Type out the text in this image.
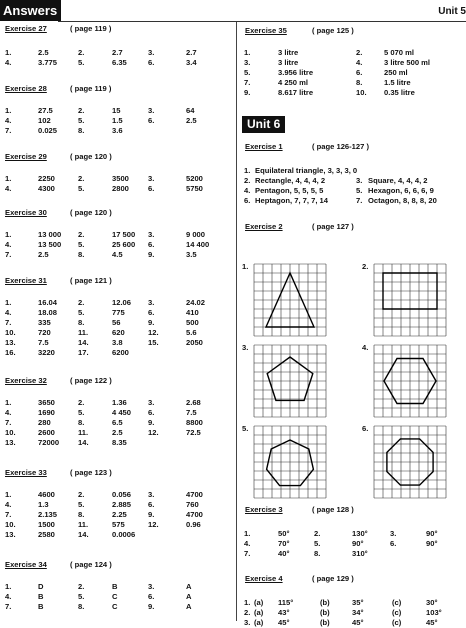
Answers	Unit 5
Exercise 27	( page 119 )
1.	2.5	2.	2.7	3.	2.7
4.	3.775	5.	6.35	6.	3.4
Exercise 28	( page 119 )
1.	27.5	2.	15	3.	64
4.	102	5.	1.5	6.	2.5
7.	0.025	8.	3.6
Exercise 29	( page 120 )
1.	2250	2.	3500	3.	5200
4.	4300	5.	2800	6.	5750
Exercise 30	( page 120 )
1.	13 000 2.	17 500 3.	9 000
4.	13 500 5.	25 600 6.	14 400
7.	2.5	8.	4.5	9.	3.5
Exercise 31	( page 121 )
1.	16.04	2.	12.06 3.	24.02
4.	18.08	5.	775	6.	410
7.	335	8.	56	9.	500
10.	720	11.	620	12.	5.6
13.	7.5	14.	3.8	15.	2050
16.	3220	17.	6200
Exercise 32	( page 122 )
1.	3650	2.	1.36	3.	2.68
4.	1690	5.	4 450 6.	7.5
7.	280	8.	6.5	9.	8800
10.	2600	11.	2.5	12.	72.5
13.	72000 14.	8.35
Exercise 33	( page 123 )
1.	4600	2.	0.056 3.	4700
4.	1.3	5.	2.885 6.	760
7.	2.135	8.	2.25	9.	4700
10.	1500	11.	575	12.	0.96
13.	2580	14.	0.0006
Exercise 34	( page 124 )
1.	D	2.	B	3.	A
4.	B	5.	C	6.	A
7.	B	8.	C	9.	A
Exercise 35	( page 125 )
1.	3 litre	2.	5 070 ml
3.	3 litre	4.	3 litre 500 ml
5.	3.956 litre	6.	250 ml
7.	4 250 ml	8.	1.5 litre
9.	8.617 litre	10. 0.35 litre
Unit 6
Exercise 1	( page 126-127 )
1. Equilateral triangle, 3, 3, 3, 0
2. Rectangle, 4, 4, 4, 2	3. Square, 4, 4, 4, 2
4. Pentagon, 5, 5, 5, 5	5. Hexagon, 6, 6, 6, 9
6. Heptagon, 7, 7, 7, 14	7. Octagon, 8, 8, 8, 20
Exercise 2	( page 127 )
1.	2.
3.	4.
5.	6.
Exercise 3	( page 128 )
1.	50°	2.	130°	3.	90°
4.	70°	5.	90°	6.	90°
7.	40°	8.	310°
Exercise 4	( page 129 )
1. (a) 115°	(b)	35°	(c)	30°
2. (a) 43°	(b)	34°	(c)	103°
3. (a) 45°	(b)	45°	(c)	45°
